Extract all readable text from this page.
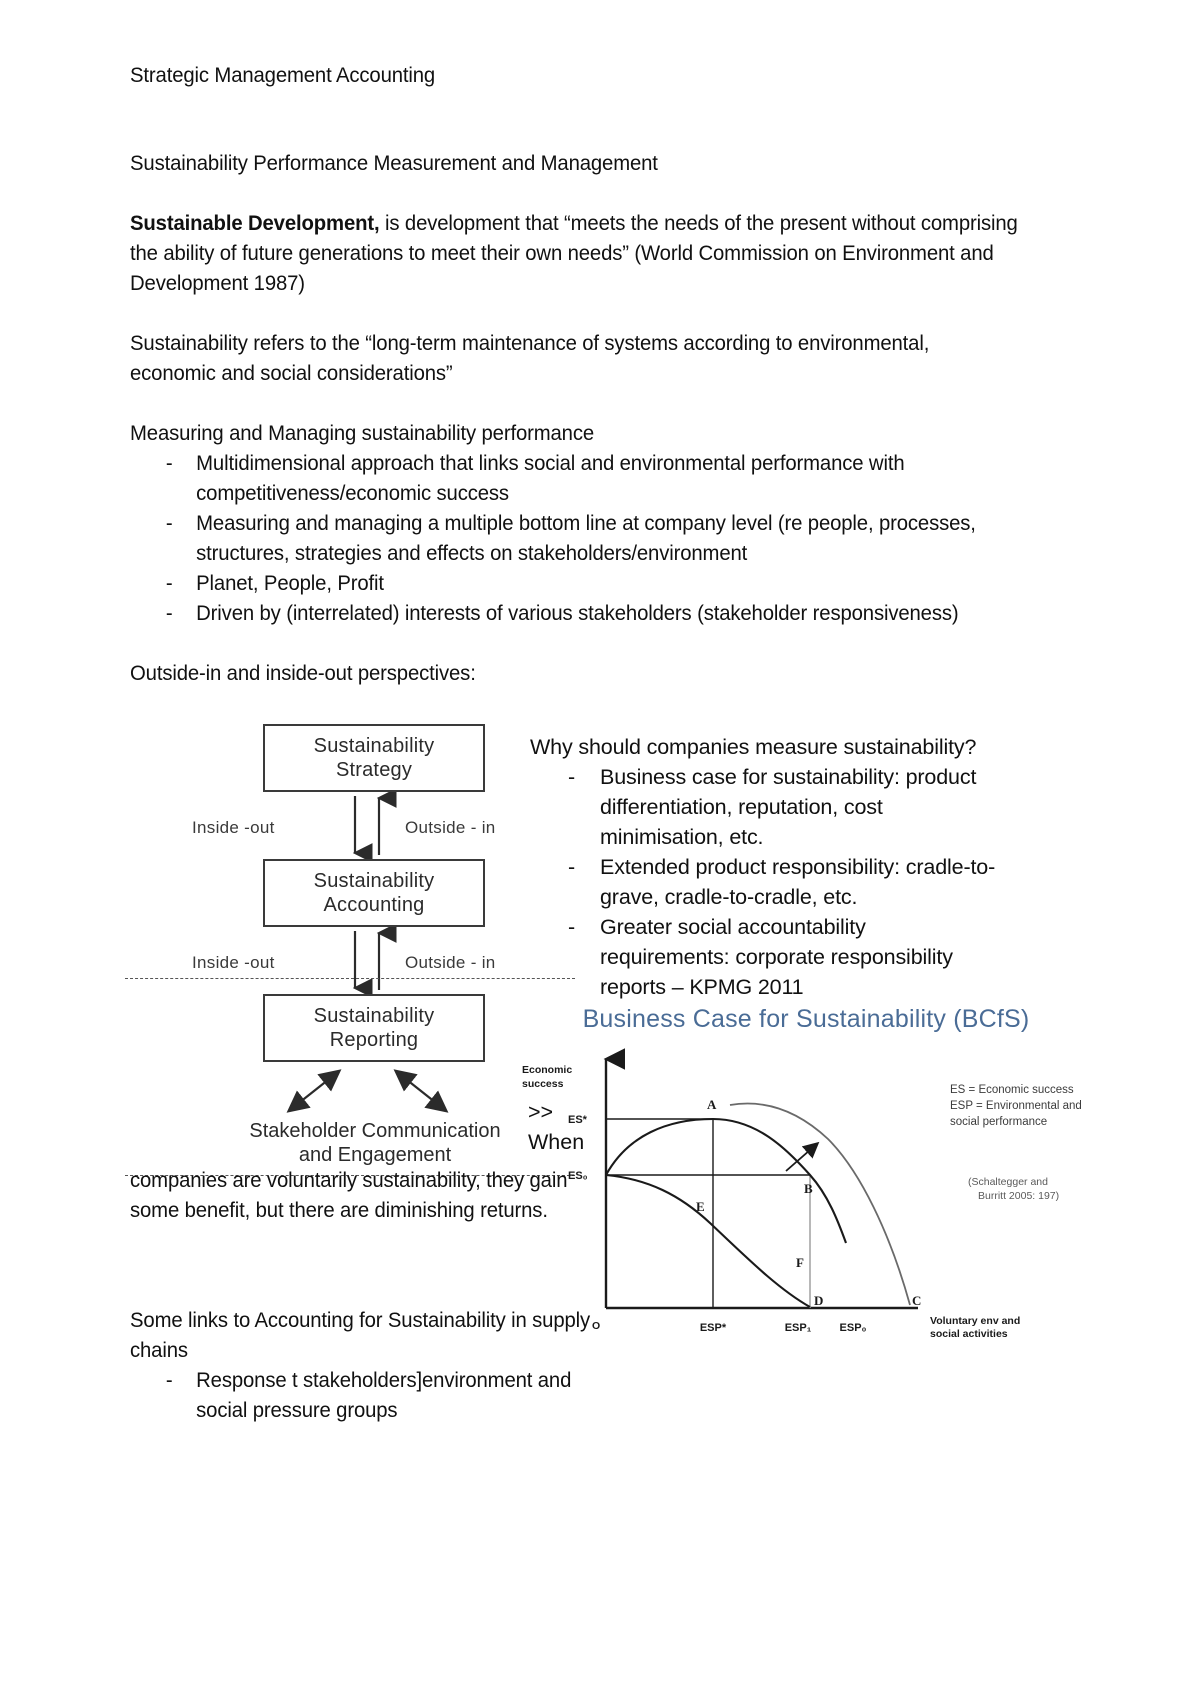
Strategic Management Accounting
Sustainability Performance Measurement and Management
Sustainable Development, is development that “meets the needs of the present without comprising the ability of future generations to meet their own needs” (World Commission on Environment and Development 1987)
Sustainability refers to the “long-term maintenance of systems according to environmental, economic and social considerations”
Measuring and Managing sustainability performance
- Multidimensional approach that links social and environmental performance with competitiveness/economic success
- Measuring and managing a multiple bottom line at company level (re people, processes, structures, strategies and effects on stakeholders/environment
- Planet, People, Profit
- Driven by (interrelated) interests of various stakeholders (stakeholder responsiveness)
Outside-in and inside-out perspectives:
Sustainability
Strategy
Sustainability
Accounting
Sustainability
Reporting
Inside -out	Outside - in
Inside -out	Outside - in
Stakeholder Communication
and Engagement
Why should companies measure sustainability?
- Business case for sustainability: product differentiation, reputation, cost minimisation, etc.
- Extended product responsibility: cradle-to-grave, cradle-to-cradle, etc.
- Greater social accountability requirements: corporate responsibility reports – KPMG 2011
>>
When
companies are voluntarily sustainability, they gain some benefit, but there are diminishing returns.
Some links to Accounting for Sustainability in supply
chains
- Response t stakeholders]environment and social pressure groups
Business Case for Sustainability (BCfS)
ES*
ES₀
Economic
success
O	ESP*	ESP₁	ESP₀
Voluntary env and
social activities
A
B
C
D
E
F
ES = Economic success
ESP = Environmental and
social performance
(Schaltegger and
Burritt 2005: 197)
